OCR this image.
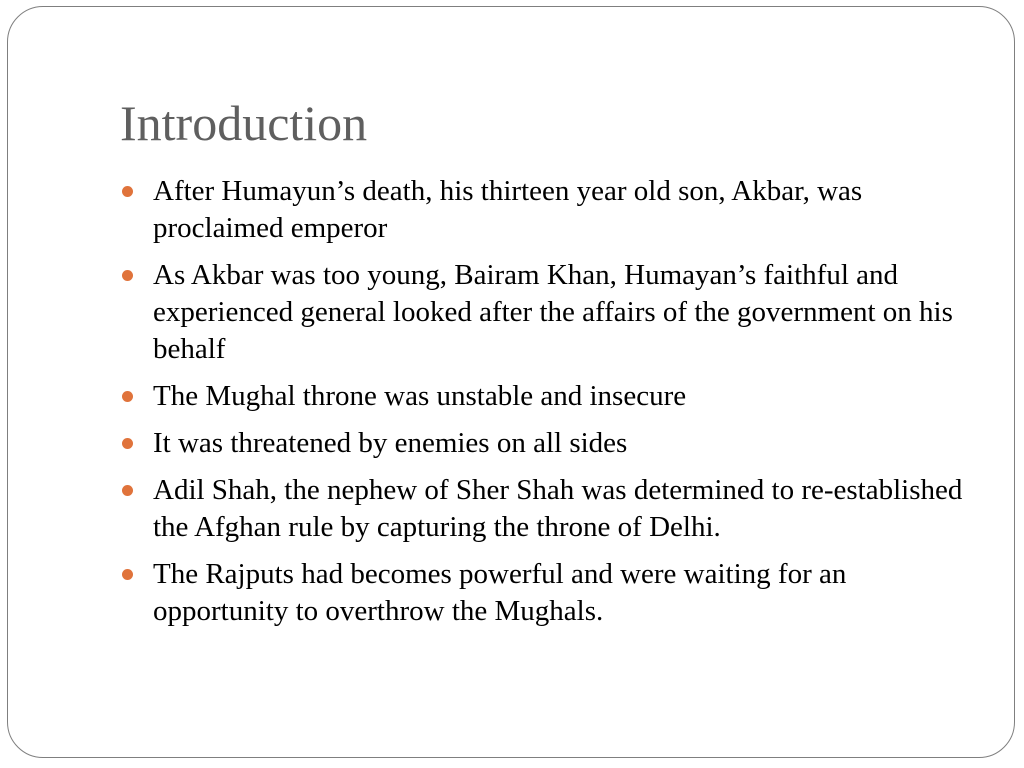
Introduction
After Humayun’s death, his thirteen year old son, Akbar, was proclaimed emperor
As Akbar was too young, Bairam Khan, Humayan’s faithful and experienced general looked after the affairs of the government on his behalf
The Mughal throne was unstable and insecure
It was threatened by enemies on all sides
Adil Shah, the nephew of Sher Shah was determined to re-established the Afghan rule by capturing the throne of Delhi.
The Rajputs had becomes powerful and were waiting for an opportunity to overthrow the Mughals.
